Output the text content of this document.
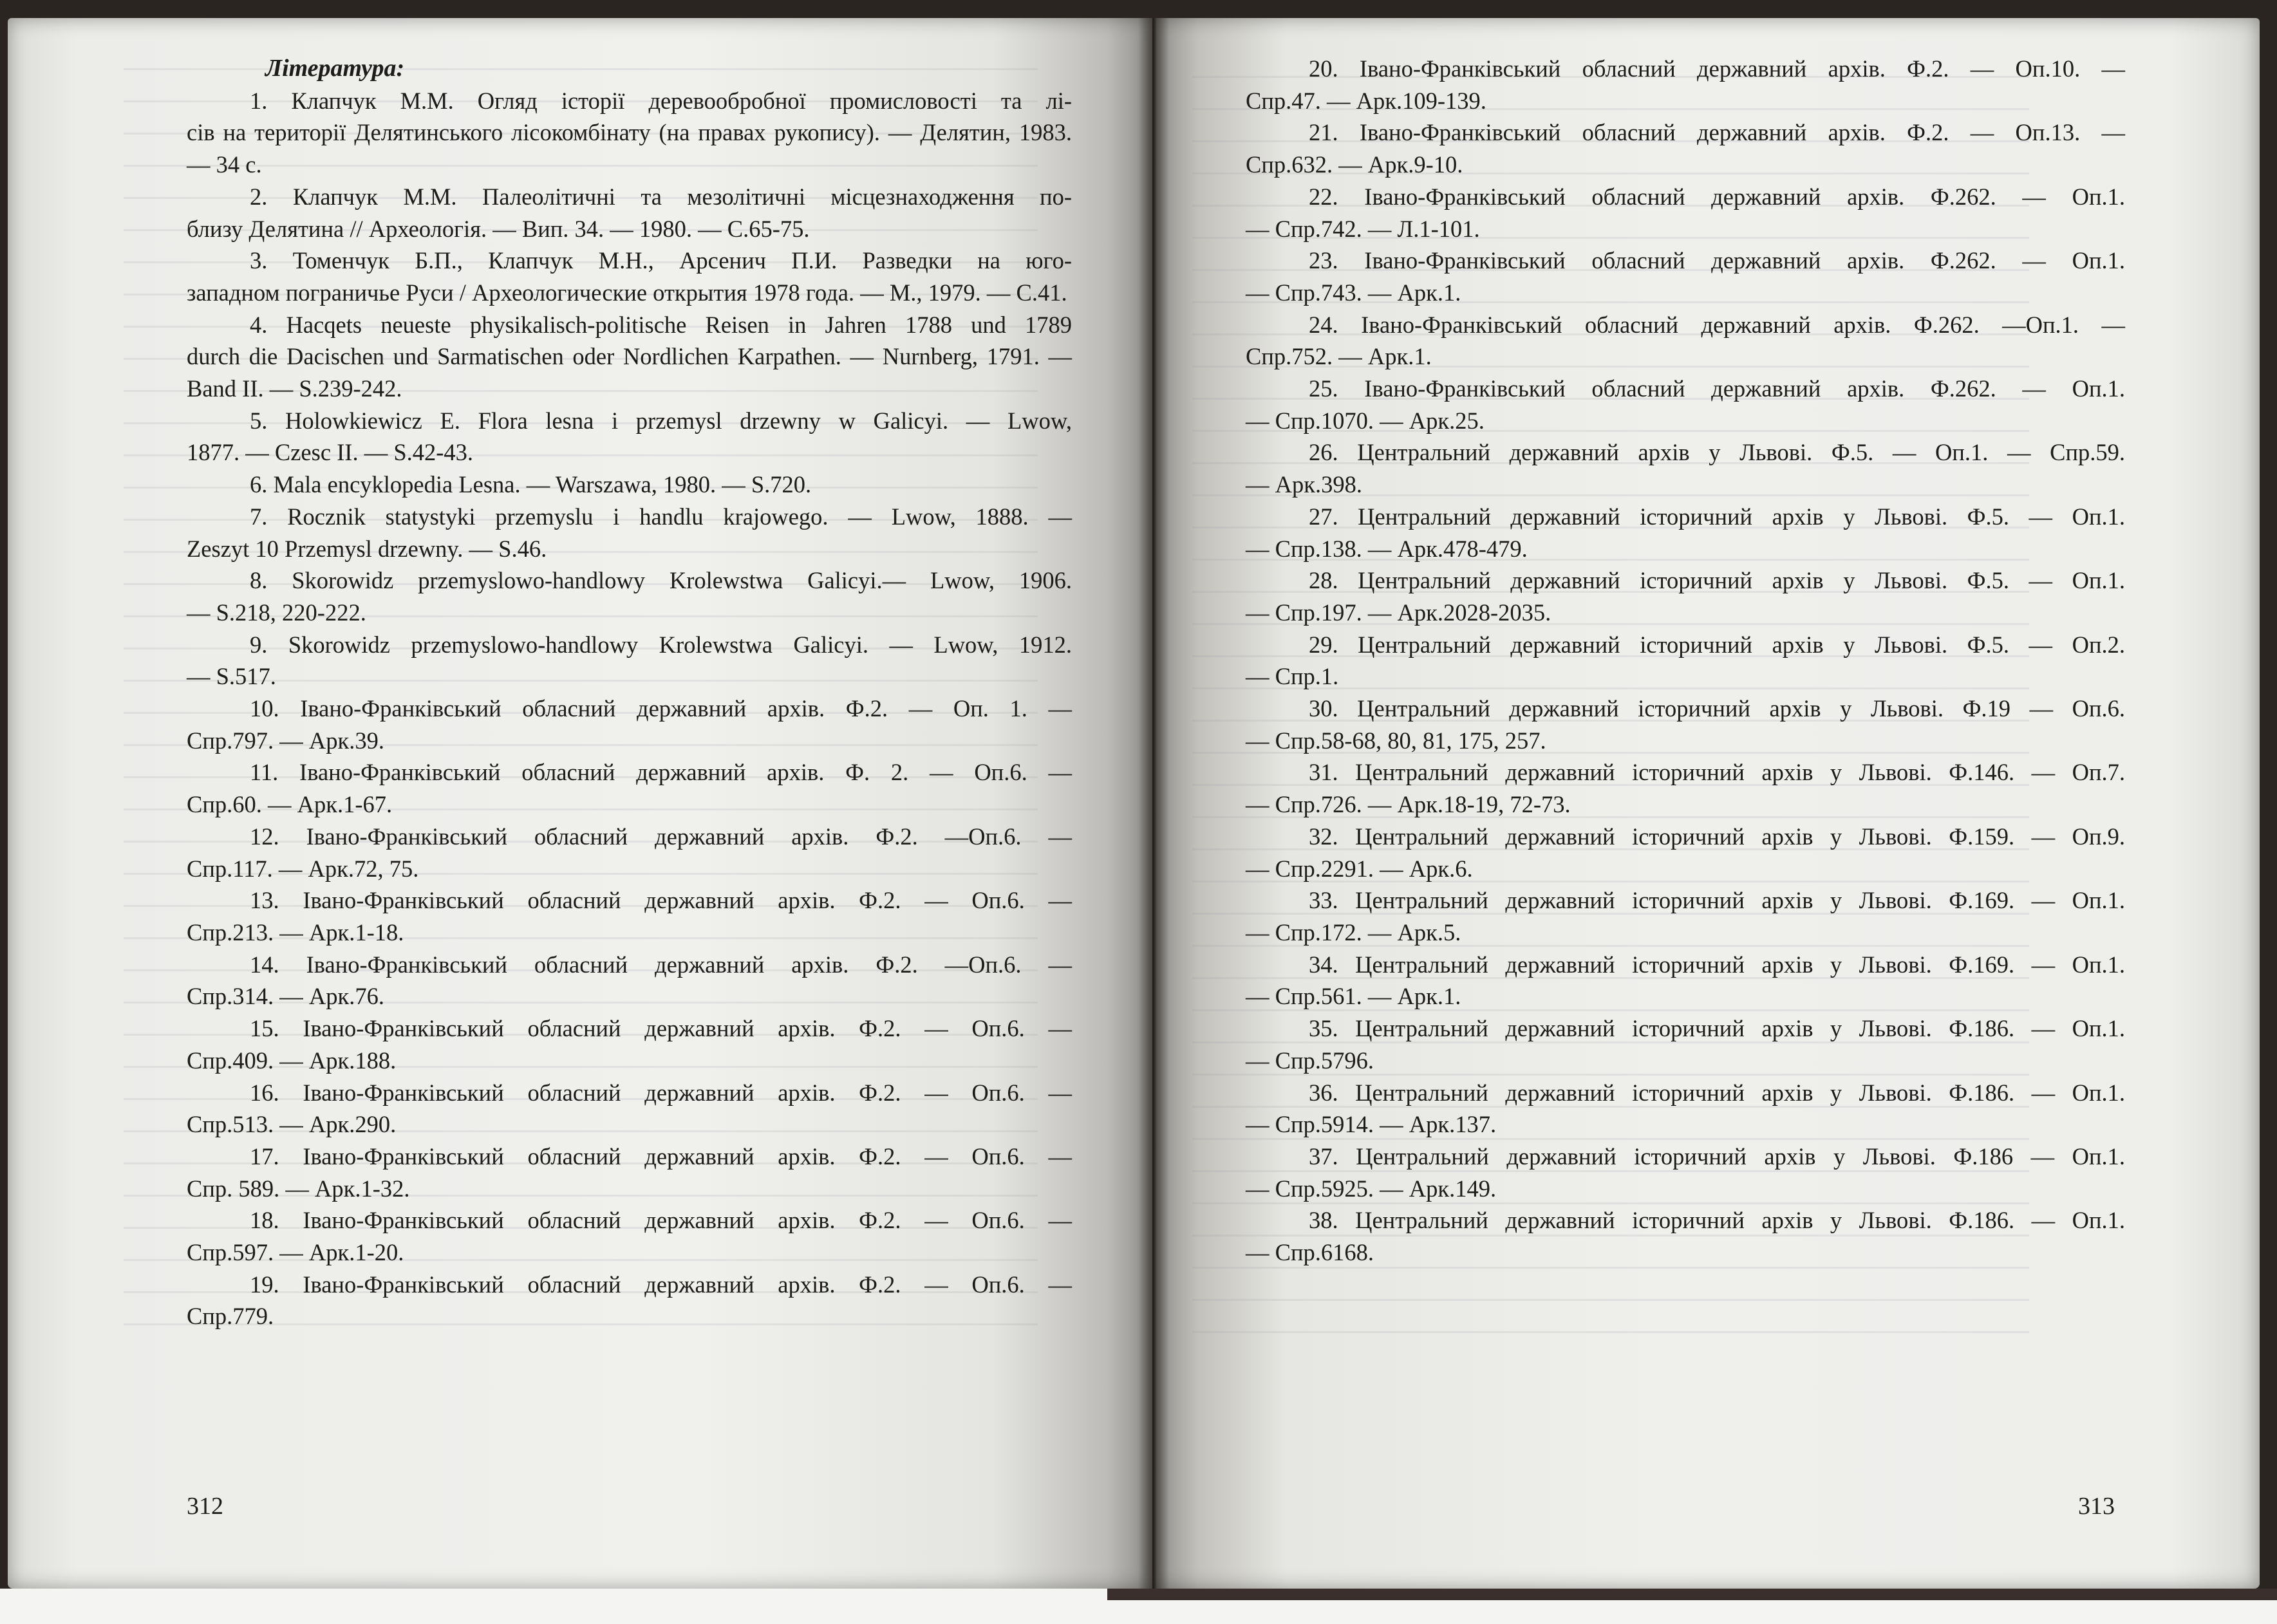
Література:
1. Клапчук М.М. Огляд історії деревообробної промисловості та лі-
сів на території Делятинського лісокомбінату (на правах рукопису). — Делятин, 1983. — 34 с.
2. Клапчук М.М. Палеолітичні та мезолітичні місцезнаходження по-
близу Делятина // Археологія. — Вип. 34. — 1980. — С.65-75.
3. Томенчук Б.П., Клапчук М.Н., Арсенич П.И. Разведки на юго-
западном пограничье Руси / Археологические открытия 1978 года. — М., 1979. — С.41.
4. Hacqets neueste physikalisch-politische Reisen in Jahren 1788 und 1789
durch die Dacischen und Sarmatischen oder Nordlichen Karpathen. — Nurnberg, 1791. — Band II. — S.239-242.
5. Holowkiewicz E. Flora lesna i przemysl drzewny w Galicyi. — Lwow,
1877. — Czesc II. — S.42-43.
6. Mala encyklopedia Lesna. — Warszawa, 1980. — S.720.
7. Rocznik statystyki przemyslu i handlu krajowego. — Lwow, 1888. —
Zeszyt 10 Przemysl drzewny. — S.46.
8. Skorowidz przemyslowo-handlowy Krolewstwa Galicyi.— Lwow, 1906.
— S.218, 220-222.
9. Skorowidz przemyslowo-handlowy Krolewstwa Galicyi. — Lwow, 1912.
— S.517.
10. Івано-Франківський обласний державний архів. Ф.2. — Оп. 1. —
Спр.797. — Арк.39.
11. Івано-Франківський обласний державний архів. Ф. 2. — Оп.6. —
Спр.60. — Арк.1-67.
12. Івано-Франківський обласний державний архів. Ф.2. —Оп.6. —
Спр.117. — Арк.72, 75.
13. Івано-Франківський обласний державний архів. Ф.2. — Оп.6. —
Спр.213. — Арк.1-18.
14. Івано-Франківський обласний державний архів. Ф.2. —Оп.6. —
Спр.314. — Арк.76.
15. Івано-Франківський обласний державний архів. Ф.2. — Оп.6. —
Спр.409. — Арк.188.
16. Івано-Франківський обласний державний архів. Ф.2. — Оп.6. —
Спр.513. — Арк.290.
17. Івано-Франківський обласний державний архів. Ф.2. — Оп.6. —
Спр. 589. — Арк.1-32.
18. Івано-Франківський обласний державний архів. Ф.2. — Оп.6. —
Спр.597. — Арк.1-20.
19. Івано-Франківський обласний державний архів. Ф.2. — Оп.6. —
Спр.779.
20. Івано-Франківський обласний державний архів. Ф.2. — Оп.10. —
Спр.47. — Арк.109-139.
21. Івано-Франківський обласний державний архів. Ф.2. — Оп.13. —
Спр.632. — Арк.9-10.
22. Івано-Франківський обласний державний архів. Ф.262. — Оп.1.
— Спр.742. — Л.1-101.
23. Івано-Франківський обласний державний архів. Ф.262. — Оп.1.
— Спр.743. — Арк.1.
24. Івано-Франківський обласний державний архів. Ф.262. —Оп.1. —
Спр.752. — Арк.1.
25. Івано-Франківський обласний державний архів. Ф.262. — Оп.1.
— Спр.1070. — Арк.25.
26. Центральний державний архів у Львові. Ф.5. — Оп.1. — Спр.59.
— Арк.398.
27. Центральний державний історичний архів у Львові. Ф.5. — Оп.1.
— Спр.138. — Арк.478-479.
28. Центральний державний історичний архів у Львові. Ф.5. — Оп.1.
— Спр.197. — Арк.2028-2035.
29. Центральний державний історичний архів у Львові. Ф.5. — Оп.2.
— Спр.1.
30. Центральний державний історичний архів у Львові. Ф.19 — Оп.6.
— Спр.58-68, 80, 81, 175, 257.
31. Центральний державний історичний архів у Львові. Ф.146. — Оп.7.
— Спр.726. — Арк.18-19, 72-73.
32. Центральний державний історичний архів у Львові. Ф.159. — Оп.9.
— Спр.2291. — Арк.6.
33. Центральний державний історичний архів у Львові. Ф.169. — Оп.1.
— Спр.172. — Арк.5.
34. Центральний державний історичний архів у Львові. Ф.169. — Оп.1.
— Спр.561. — Арк.1.
35. Центральний державний історичний архів у Львові. Ф.186. — Оп.1.
— Спр.5796.
36. Центральний державний історичний архів у Львові. Ф.186. — Оп.1.
— Спр.5914. — Арк.137.
37. Центральний державний історичний архів у Львові. Ф.186 — Оп.1.
— Спр.5925. — Арк.149.
38. Центральний державний історичний архів у Львові. Ф.186. — Оп.1.
— Спр.6168.
312	313
